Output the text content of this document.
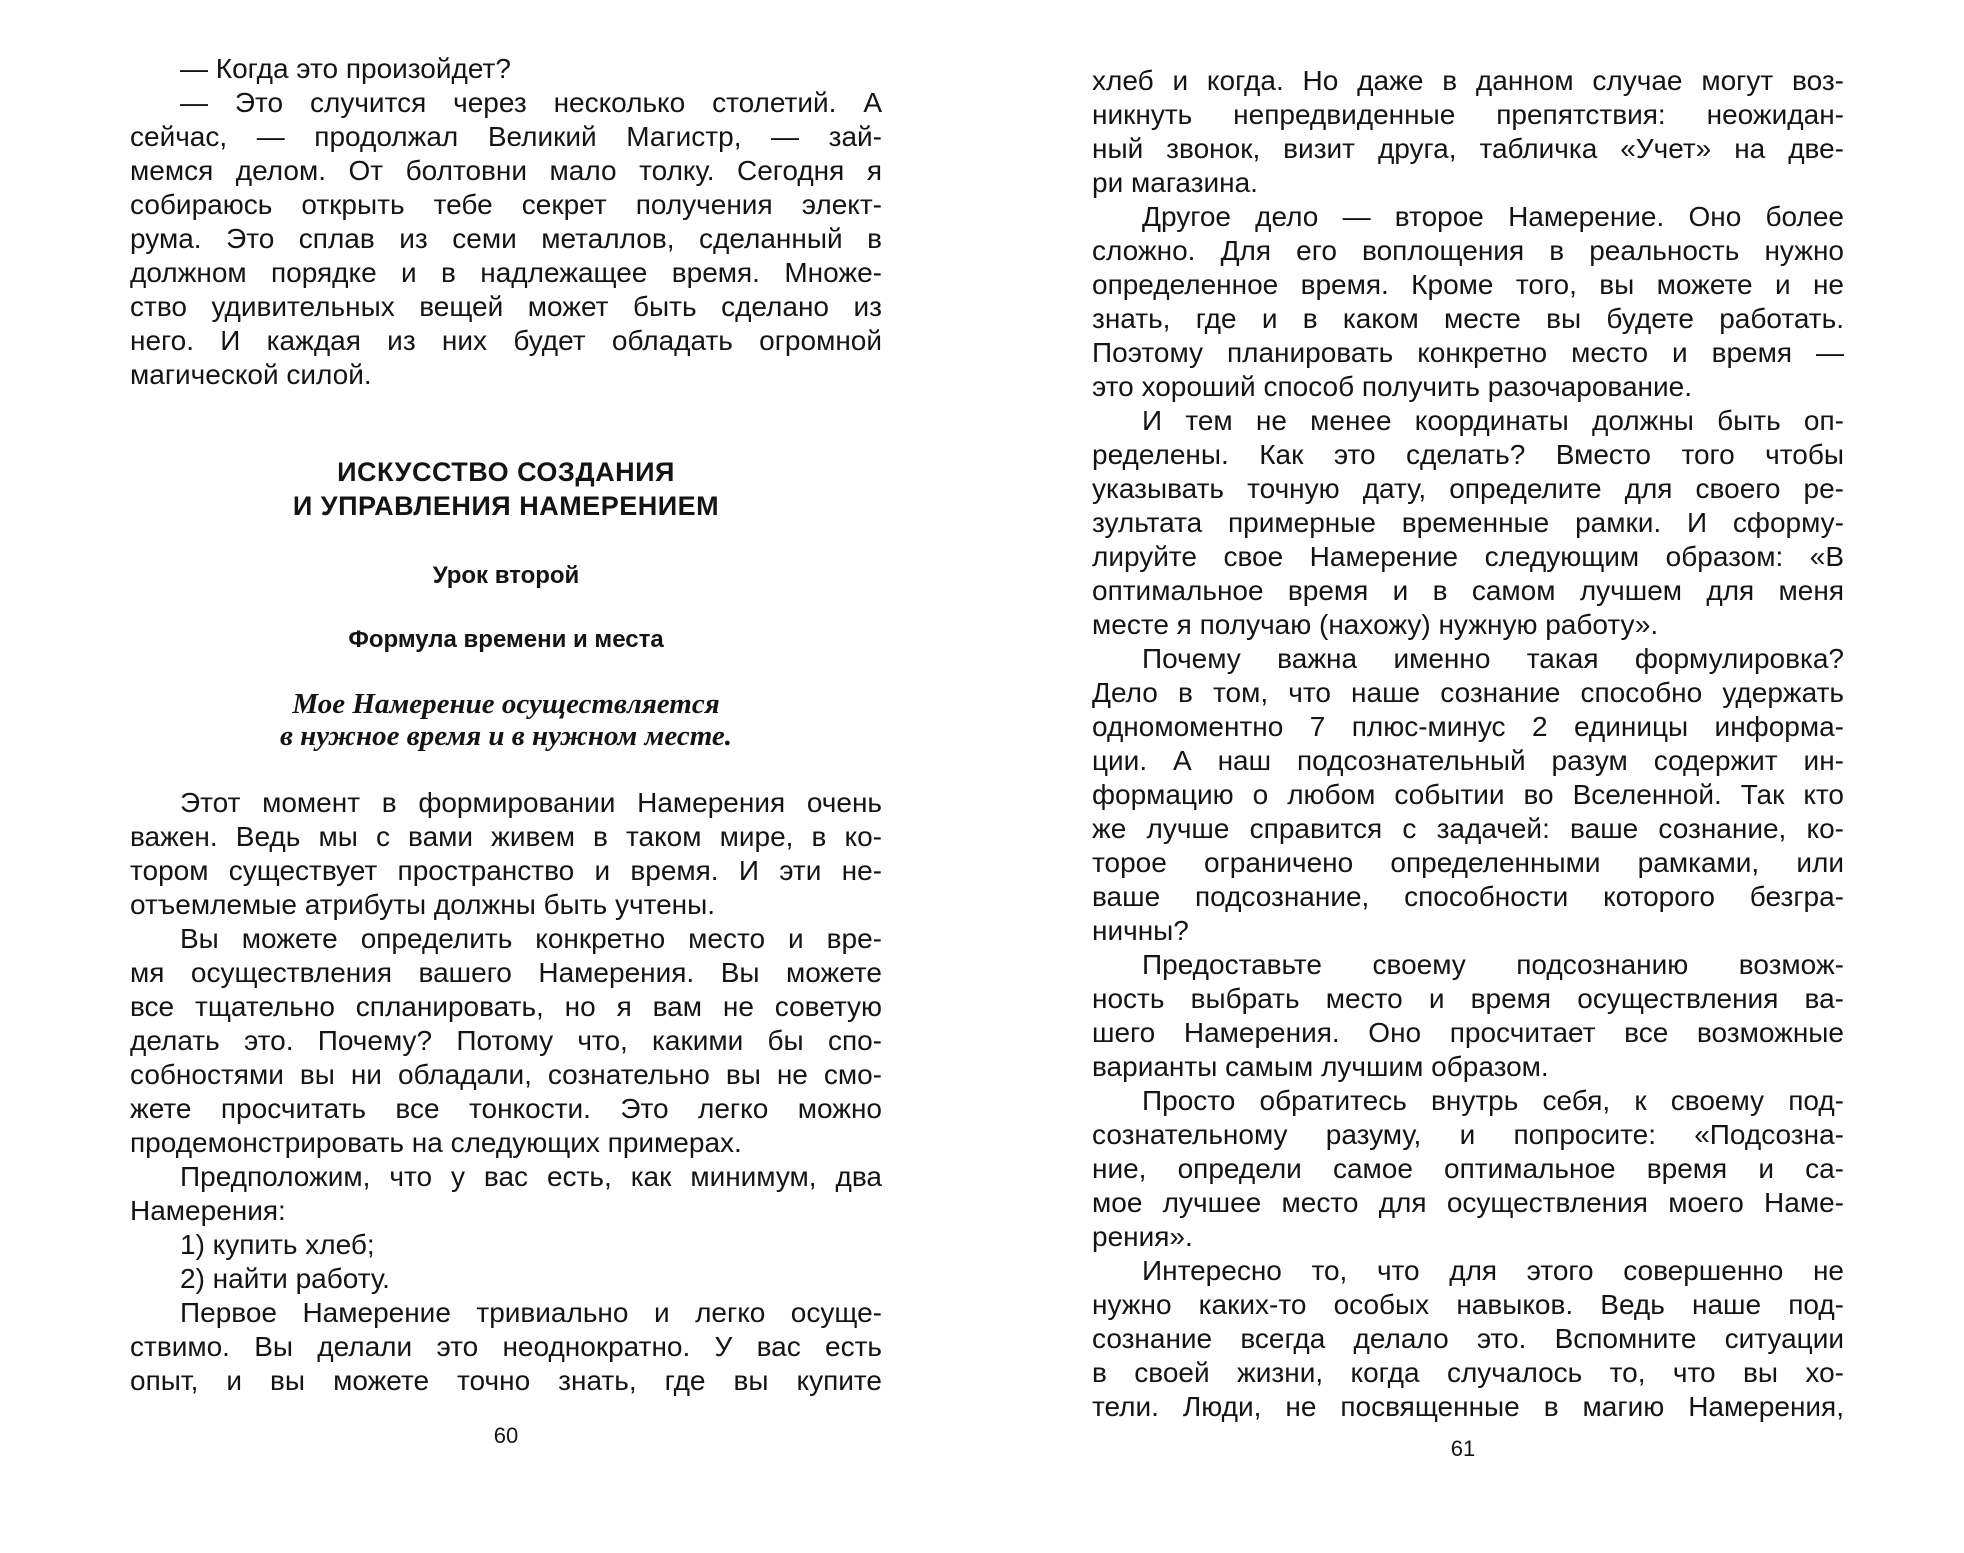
— Когда это произойдет?
— Это случится через несколько столетий. А
сейчас, — продолжал Великий Магистр, — зай-
мемся делом. От болтовни мало толку. Сегодня я
собираюсь открыть тебе секрет получения элект-
рума. Это сплав из семи металлов, сделанный в
должном порядке и в надлежащее время. Множе-
ство удивительных вещей может быть сделано из
него. И каждая из них будет обладать огромной
магической силой.
ИСКУССТВО СОЗДАНИЯ
И УПРАВЛЕНИЯ НАМЕРЕНИЕМ
Урок второй
Формула времени и места
Мое Намерение осуществляется
в нужное время и в нужном месте.
Этот момент в формировании Намерения очень
важен. Ведь мы с вами живем в таком мире, в ко-
тором существует пространство и время. И эти не-
отъемлемые атрибуты должны быть учтены.
Вы можете определить конкретно место и вре-
мя осуществления вашего Намерения. Вы можете
все тщательно спланировать, но я вам не советую
делать это. Почему? Потому что, какими бы спо-
собностями вы ни обладали, сознательно вы не смо-
жете просчитать все тонкости. Это легко можно
продемонстрировать на следующих примерах.
Предположим, что у вас есть, как минимум, два
Намерения:
1) купить хлеб;
2) найти работу.
Первое Намерение тривиально и легко осуще-
ствимо. Вы делали это неоднократно. У вас есть
опыт, и вы можете точно знать, где вы купите
60
хлеб и когда. Но даже в данном случае могут воз-
никнуть непредвиденные препятствия: неожидан-
ный звонок, визит друга, табличка «Учет» на две-
ри магазина.
Другое дело — второе Намерение. Оно более
сложно. Для его воплощения в реальность нужно
определенное время. Кроме того, вы можете и не
знать, где и в каком месте вы будете работать.
Поэтому планировать конкретно место и время —
это хороший способ получить разочарование.
И тем не менее координаты должны быть оп-
ределены. Как это сделать? Вместо того чтобы
указывать точную дату, определите для своего ре-
зультата примерные временные рамки. И сформу-
лируйте свое Намерение следующим образом: «В
оптимальное время и в самом лучшем для меня
месте я получаю (нахожу) нужную работу».
Почему важна именно такая формулировка?
Дело в том, что наше сознание способно удержать
одномоментно 7 плюс-минус 2 единицы информа-
ции. А наш подсознательный разум содержит ин-
формацию о любом событии во Вселенной. Так кто
же лучше справится с задачей: ваше сознание, ко-
торое ограничено определенными рамками, или
ваше подсознание, способности которого безгра-
ничны?
Предоставьте своему подсознанию возмож-
ность выбрать место и время осуществления ва-
шего Намерения. Оно просчитает все возможные
варианты самым лучшим образом.
Просто обратитесь внутрь себя, к своему под-
сознательному разуму, и попросите: «Подсозна-
ние, определи самое оптимальное время и са-
мое лучшее место для осуществления моего Наме-
рения».
Интересно то, что для этого совершенно не
нужно каких-то особых навыков. Ведь наше под-
сознание всегда делало это. Вспомните ситуации
в своей жизни, когда случалось то, что вы хо-
тели. Люди, не посвященные в магию Намерения,
61
